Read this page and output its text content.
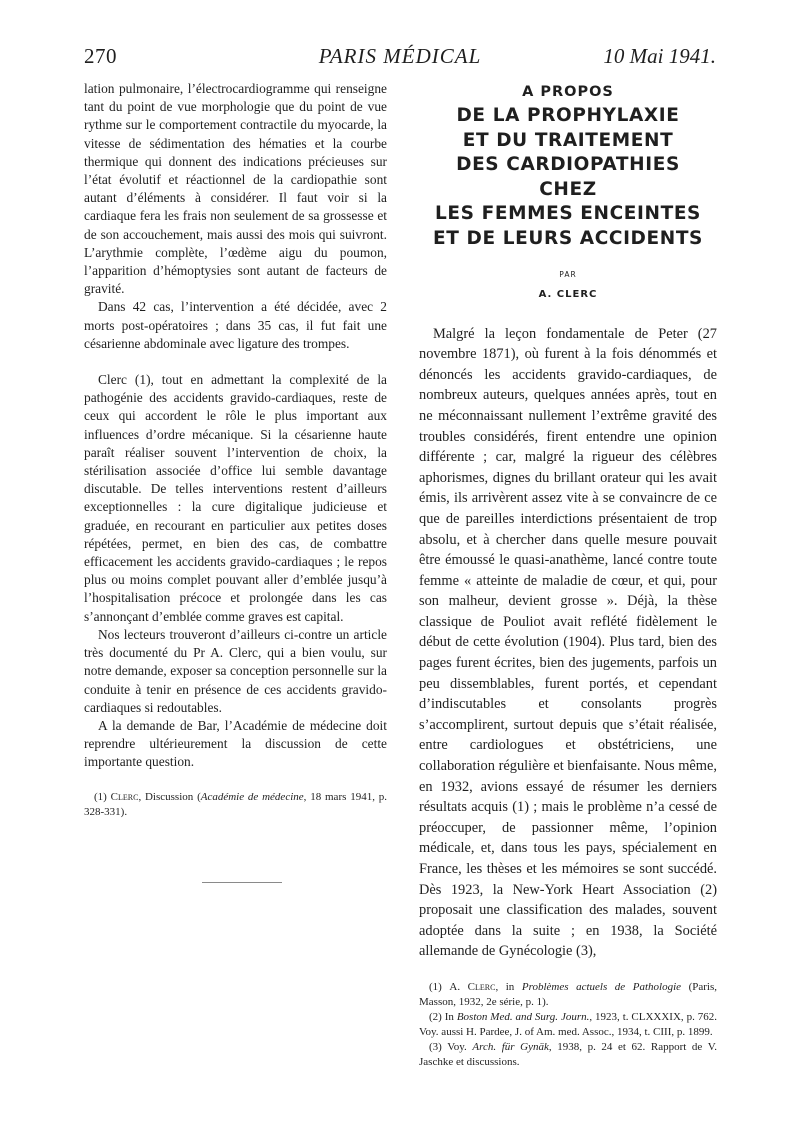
270	PARIS MÉDICAL	10 Mai 1941.

lation pulmonaire, l’électrocardiogramme qui renseigne tant du point de vue morphologie que du point de vue rythme sur le comportement contractile du myocarde, la vitesse de sédimentation des hématies et la courbe thermique qui donnent des indications précieuses sur l’état évolutif et réactionnel de la cardiopathie sont autant d’éléments à considérer. Il faut voir si la cardiaque fera les frais non seulement de sa grossesse et de son accouchement, mais aussi des mois qui suivront. L’arythmie complète, l’œdème aigu du poumon, l’apparition d’hémoptysies sont autant de facteurs de gravité.

Dans 42 cas, l’intervention a été décidée, avec 2 morts post-opératoires ; dans 35 cas, il fut fait une césarienne abdominale avec ligature des trompes.

Clerc (1), tout en admettant la complexité de la pathogénie des accidents gravido-cardiaques, reste de ceux qui accordent le rôle le plus important aux influences d’ordre mécanique. Si la césarienne haute paraît réaliser souvent l’intervention de choix, la stérilisation associée d’office lui semble davantage discutable. De telles interventions restent d’ailleurs exceptionnelles : la cure digitalique judicieuse et graduée, en recourant en particulier aux petites doses répétées, permet, en bien des cas, de combattre efficacement les accidents gravido-cardiaques ; le repos plus ou moins complet pouvant aller d’emblée jusqu’à l’hospitalisation précoce et prolongée dans les cas s’annonçant d’emblée comme graves est capital.

Nos lecteurs trouveront d’ailleurs ci-contre un article très documenté du Pr A. Clerc, qui a bien voulu, sur notre demande, exposer sa conception personnelle sur la conduite à tenir en présence de ces accidents gravido-cardiaques si redoutables.

A la demande de Bar, l’Académie de médecine doit reprendre ultérieurement la discussion de cette importante question.

(1) Clerc, Discussion (Académie de médecine, 18 mars 1941, p. 328-331).

A PROPOS
DE LA PROPHYLAXIE
ET DU TRAITEMENT
DES CARDIOPATHIES
CHEZ
LES FEMMES ENCEINTES
ET DE LEURS ACCIDENTS
PAR
A. CLERC

Malgré la leçon fondamentale de Peter (27 novembre 1871), où furent à la fois dénommés et dénoncés les accidents gravido-cardiaques, de nombreux auteurs, quelques années après, tout en ne méconnaissant nullement l’extrême gravité des troubles considérés, firent entendre une opinion différente ; car, malgré la rigueur des célèbres aphorismes, dignes du brillant orateur qui les avait émis, ils arrivèrent assez vite à se convaincre de ce que de pareilles interdictions présentaient de trop absolu, et à chercher dans quelle mesure pouvait être émoussé le quasi-anathème, lancé contre toute femme « atteinte de maladie de cœur, et qui, pour son malheur, devient grosse ». Déjà, la thèse classique de Pouliot avait reflété fidèlement le début de cette évolution (1904). Plus tard, bien des pages furent écrites, bien des jugements, parfois un peu dissemblables, furent portés, et cependant d’indiscutables et consolants progrès s’accomplirent, surtout depuis que s’était réalisée, entre cardiologues et obstétriciens, une collaboration régulière et bienfaisante. Nous même, en 1932, avions essayé de résumer les derniers résultats acquis (1) ; mais le problème n’a cessé de préoccuper, de passionner même, l’opinion médicale, et, dans tous les pays, spécialement en France, les thèses et les mémoires se sont succédé. Dès 1923, la New-York Heart Association (2) proposait une classification des malades, souvent adoptée dans la suite ; en 1938, la Société allemande de Gynécologie (3),

(1) A. Clerc, in Problèmes actuels de Pathologie (Paris, Masson, 1932, 2e série, p. 1).

(2) In Boston Med. and Surg. Journ., 1923, t. CLXXXIX, p. 762. Voy. aussi H. Pardee, J. of Am. med. Assoc., 1934, t. CIII, p. 1899.

(3) Voy. Arch. für Gynäk, 1938, p. 24 et 62. Rapport de V. Jaschke et discussions.
